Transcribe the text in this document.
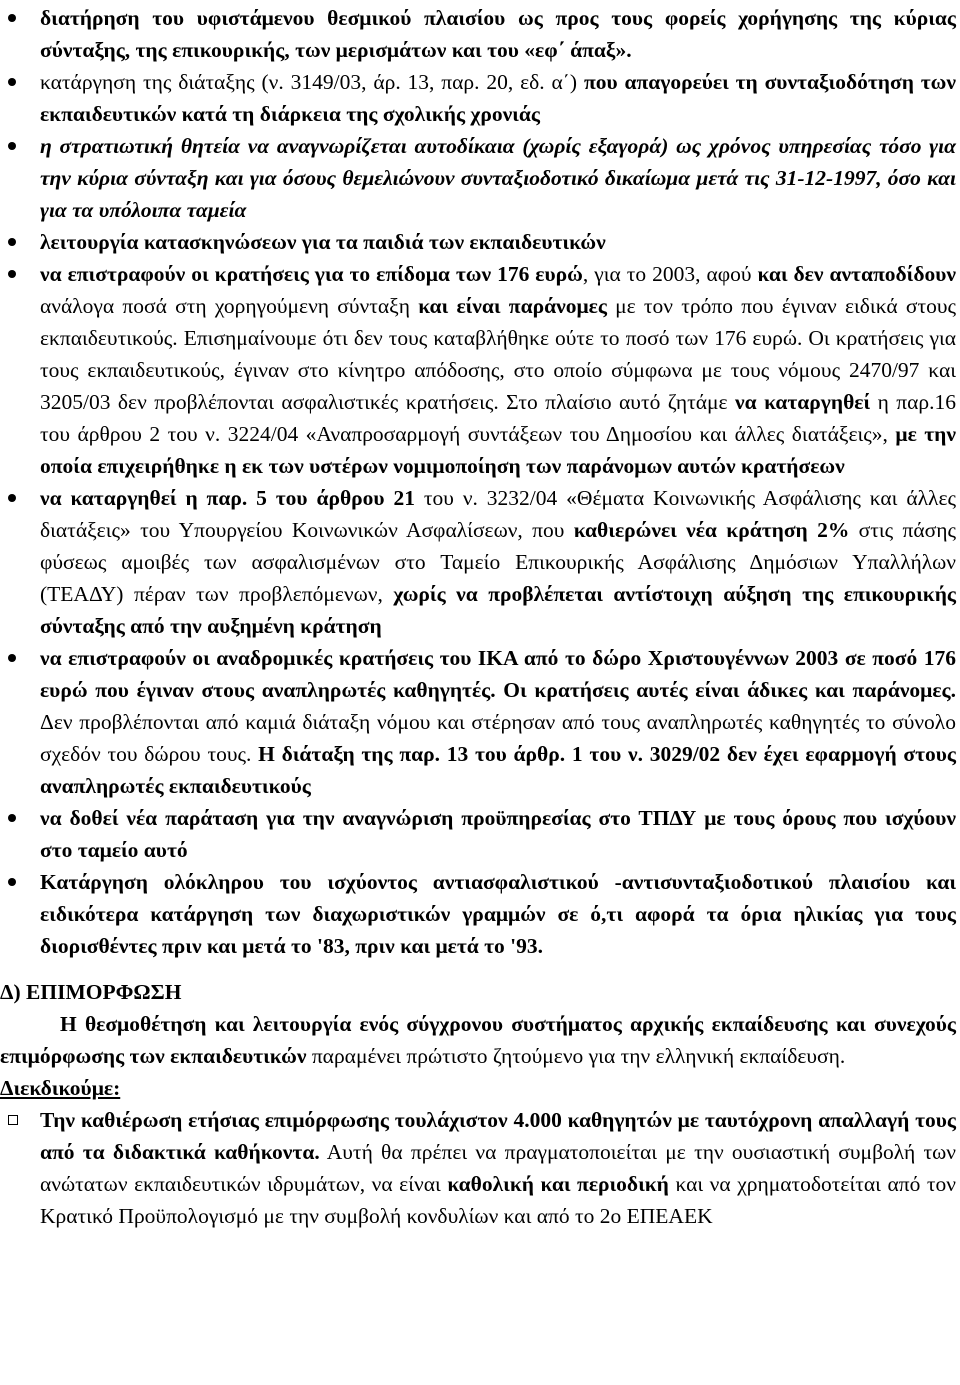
διατήρηση του υφιστάμενου θεσμικού πλαισίου ως προς τους φορείς χορήγησης της κύριας σύνταξης, της επικουρικής, των μερισμάτων και του «εφ΄ άπαξ».
κατάργηση της διάταξης (ν. 3149/03, άρ. 13, παρ. 20, εδ. α΄) που απαγορεύει τη συνταξιοδότηση των εκπαιδευτικών κατά τη διάρκεια της σχολικής χρονιάς
η στρατιωτική θητεία να αναγνωρίζεται αυτοδίκαια (χωρίς εξαγορά) ως χρόνος υπηρεσίας τόσο για την κύρια σύνταξη και για όσους θεμελιώνουν συνταξιοδοτικό δικαίωμα μετά τις 31-12-1997, όσο και για τα υπόλοιπα ταμεία
λειτουργία κατασκηνώσεων για τα παιδιά των εκπαιδευτικών
να επιστραφούν οι κρατήσεις για το επίδομα των 176 ευρώ, για το 2003, αφού και δεν ανταποδίδουν ανάλογα ποσά στη χορηγούμενη σύνταξη και είναι παράνομες με τον τρόπο που έγιναν ειδικά στους εκπαιδευτικούς. Επισημαίνουμε ότι δεν τους καταβλήθηκε ούτε το ποσό των 176 ευρώ. Οι κρατήσεις για τους εκπαιδευτικούς, έγιναν στο κίνητρο απόδοσης, στο οποίο σύμφωνα με τους νόμους 2470/97 και 3205/03 δεν προβλέπονται ασφαλιστικές κρατήσεις. Στο πλαίσιο αυτό ζητάμε να καταργηθεί η παρ.16 του άρθρου 2 του ν. 3224/04 «Αναπροσαρμογή συντάξεων του Δημοσίου και άλλες διατάξεις», με την οποία επιχειρήθηκε η εκ των υστέρων νομιμοποίηση των παράνομων αυτών κρατήσεων
να καταργηθεί η παρ. 5 του άρθρου 21 του ν. 3232/04 «Θέματα Κοινωνικής Ασφάλισης και άλλες διατάξεις» του Υπουργείου Κοινωνικών Ασφαλίσεων, που καθιερώνει νέα κράτηση 2% στις πάσης φύσεως αμοιβές των ασφαλισμένων στο Ταμείο Επικουρικής Ασφάλισης Δημόσιων Υπαλλήλων (ΤΕΑΔΥ) πέραν των προβλεπόμενων, χωρίς να προβλέπεται αντίστοιχη αύξηση της επικουρικής σύνταξης από την αυξημένη κράτηση
να επιστραφούν οι αναδρομικές κρατήσεις του ΙΚΑ από το δώρο Χριστουγέννων 2003 σε ποσό 176 ευρώ που έγιναν στους αναπληρωτές καθηγητές. Οι κρατήσεις αυτές είναι άδικες και παράνομες. Δεν προβλέπονται από καμιά διάταξη νόμου και στέρησαν από τους αναπληρωτές καθηγητές το σύνολο σχεδόν του δώρου τους. Η διάταξη της παρ. 13 του άρθρ. 1 του ν. 3029/02 δεν έχει εφαρμογή στους αναπληρωτές εκπαιδευτικούς
να δοθεί νέα παράταση για την αναγνώριση προϋπηρεσίας στο ΤΠΔΥ με τους όρους που ισχύουν στο ταμείο αυτό
Κατάργηση ολόκληρου του ισχύοντος αντιασφαλιστικού -αντισυνταξιοδοτικού πλαισίου και ειδικότερα κατάργηση των διαχωριστικών γραμμών σε ό,τι αφορά τα όρια ηλικίας για τους διορισθέντες πριν και μετά το '83, πριν και μετά το '93.
Δ) ΕΠΙΜΟΡΦΩΣΗ
Η θεσμοθέτηση και λειτουργία ενός σύγχρονου συστήματος αρχικής εκπαίδευσης και συνεχούς επιμόρφωσης των εκπαιδευτικών παραμένει πρώτιστο ζητούμενο για την ελληνική εκπαίδευση.
Διεκδικούμε:
Την καθιέρωση ετήσιας επιμόρφωσης τουλάχιστον 4.000 καθηγητών με ταυτόχρονη απαλλαγή τους από τα διδακτικά καθήκοντα. Αυτή θα πρέπει να πραγματοποιείται με την ουσιαστική συμβολή των ανώτατων εκπαιδευτικών ιδρυμάτων, να είναι καθολική και περιοδική και να χρηματοδοτείται από τον Κρατικό Προϋπολογισμό με την συμβολή κονδυλίων και από το 2ο ΕΠΕΑΕΚ
